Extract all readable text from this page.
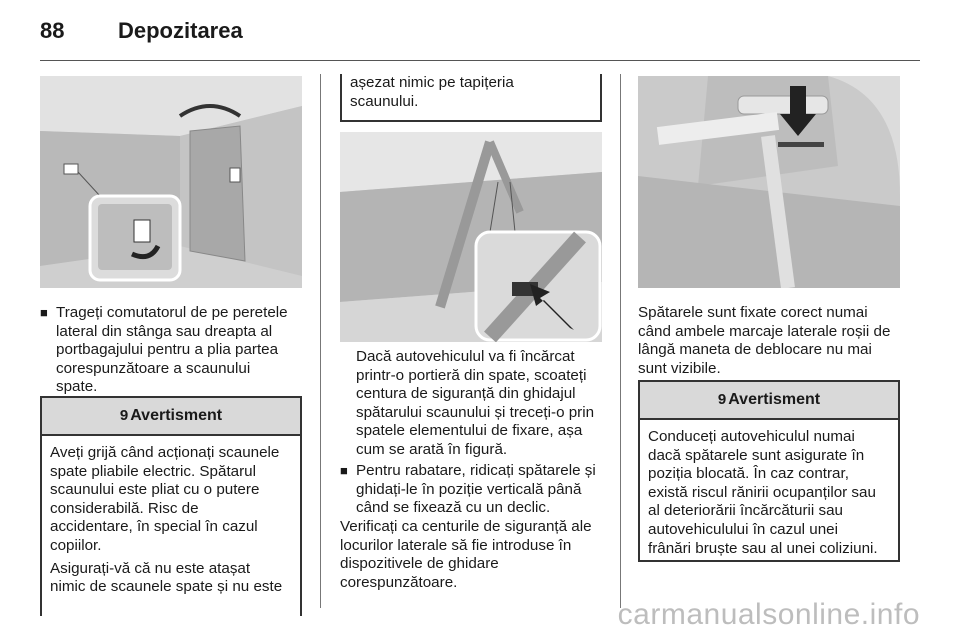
88 Depozitarea
■ Trageți comutatorul de pe peretele
lateral din stânga sau dreapta al
portbagajului pentru a plia partea
corespunzătoare a scaunului
spate.
9 Avertisment

Aveți grijă când acționați scaunele
spate pliabile electric. Spătarul
scaunului este pliat cu o putere
considerabilă. Risc de
accidentare, în special în cazul
copiilor.

Asigurați-vă că nu este atașat
nimic de scaunele spate și nu este

așezat nimic pe tapițeria
scaunului.
Dacă autovehiculul va fi încărcat
printr-o portieră din spate, scoateți
centura de siguranță din ghidajul
spătarului scaunului și treceți-o prin
spatele elementului de fixare, așa
cum se arată în figură.
■ Pentru rabatare, ridicați spătarele și
ghidați-le în poziție verticală până
când se fixează cu un declic.
Verificați ca centurile de siguranță ale
locurilor laterale să fie introduse în
dispozitivele de ghidare
corespunzătoare.
Spătarele sunt fixate corect numai
când ambele marcaje laterale roșii de
lângă maneta de deblocare nu mai
sunt vizibile.
9 Avertisment
Conduceți autovehiculul numai
dacă spătarele sunt asigurate în
poziția blocată. În caz contrar,
există riscul rănirii ocupanților sau
al deteriorării încărcăturii sau
autovehiculului în cazul unei
frânări bruște sau al unei coliziuni.
carmanualsonline.info
